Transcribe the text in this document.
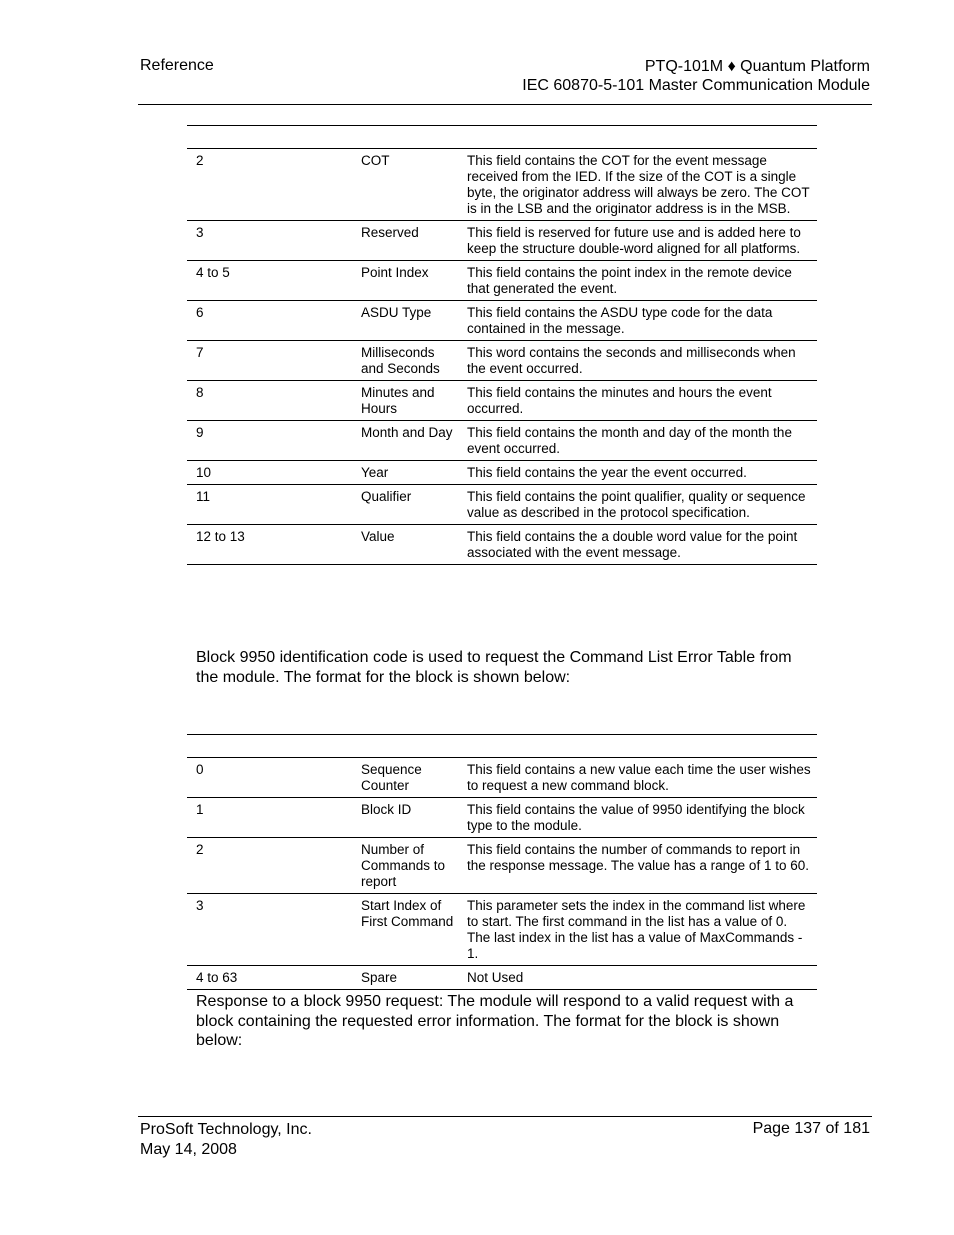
Reference	PTQ-101M ♦ Quantum Platform
IEC 60870-5-101 Master Communication Module

2	COT	This field contains the COT for the event message received from the IED. If the size of the COT is a single byte, the originator address will always be zero. The COT is in the LSB and the originator address is in the MSB.
3	Reserved	This field is reserved for future use and is added here to keep the structure double-word aligned for all platforms.
4 to 5	Point Index	This field contains the point index in the remote device that generated the event.
6	ASDU Type	This field contains the ASDU type code for the data contained in the message.
7	Milliseconds and Seconds	This word contains the seconds and milliseconds when the event occurred.
8	Minutes and Hours	This field contains the minutes and hours the event occurred.
9	Month and Day	This field contains the month and day of the month the event occurred.
10	Year	This field contains the year the event occurred.
11	Qualifier	This field contains the point qualifier, quality or sequence value as described in the protocol specification.
12 to 13	Value	This field contains the a double word value for the point associated with the event message.

Block 9950 identification code is used to request the Command List Error Table from the module. The format for the block is shown below:

0	Sequence Counter	This field contains a new value each time the user wishes to request a new command block.
1	Block ID	This field contains the value of 9950 identifying the block type to the module.
2	Number of Commands to report	This field contains the number of commands to report in the response message. The value has a range of 1 to 60.
3	Start Index of First Command	This parameter sets the index in the command list where to start. The first command in the list has a value of 0. The last index in the list has a value of MaxCommands - 1.
4 to 63	Spare	Not Used

Response to a block 9950 request: The module will respond to a valid request with a block containing the requested error information. The format for the block is shown below:

ProSoft Technology, Inc.
May 14, 2008
Page 137 of 181
